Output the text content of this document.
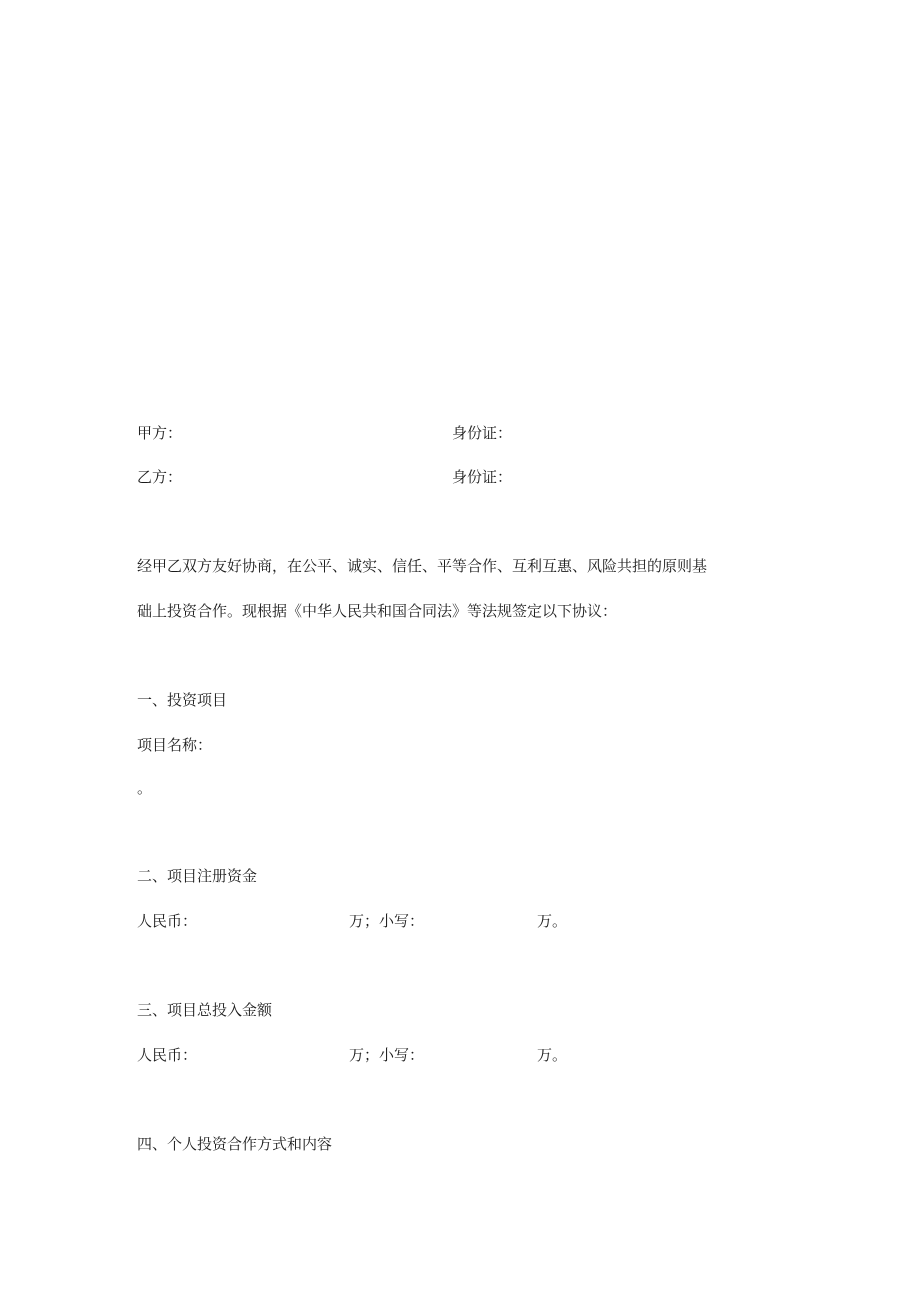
甲方：	身份证：
乙方：	身份证：
经甲乙双方友好协商，在公平、诚实、信任、平等合作、互利互惠、风险共担的原则基
础上投资合作。现根据《中华人民共和国合同法》等法规签定以下协议：
一、投资项目
项目名称：
。
二、项目注册资金
人民币：	万；小写：	万。
三、项目总投入金额
人民币：	万；小写：	万。
四、个人投资合作方式和内容
